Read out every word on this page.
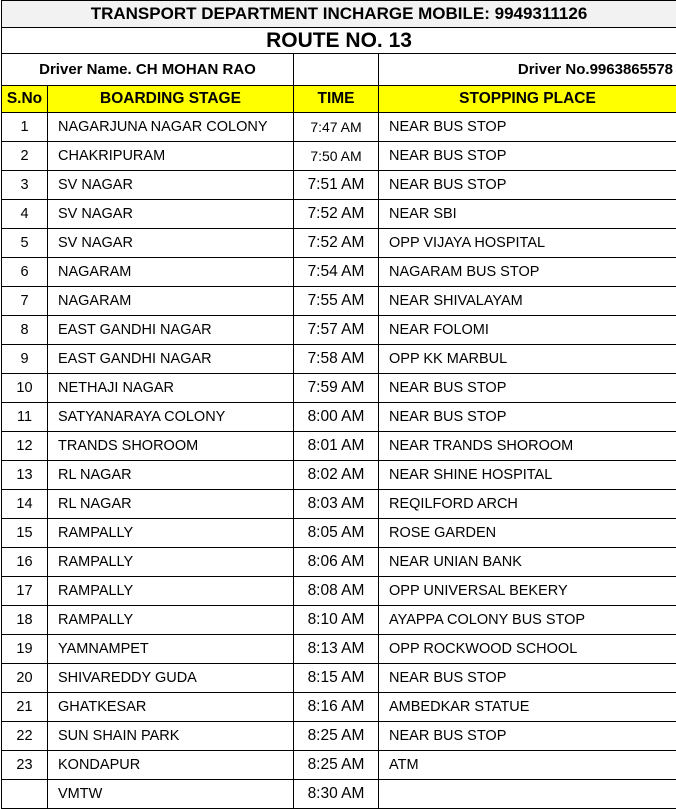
TRANSPORT DEPARTMENT INCHARGE MOBILE: 9949311126			
ROUTE NO. 13			
Driver Name. CH MOHAN RAO			Driver No.9963865578
S.No	BOARDING STAGE	TIME	STOPPING PLACE
1	NAGARJUNA NAGAR COLONY	7:47 AM	NEAR BUS STOP
2	CHAKRIPURAM	7:50 AM	NEAR BUS STOP
3	SV NAGAR	7:51 AM	NEAR BUS STOP
4	SV NAGAR	7:52 AM	NEAR SBI
5	SV NAGAR	7:52 AM	OPP VIJAYA HOSPITAL
6	NAGARAM	7:54 AM	NAGARAM BUS STOP
7	NAGARAM	7:55 AM	NEAR SHIVALAYAM
8	EAST GANDHI NAGAR	7:57 AM	NEAR FOLOMI
9	EAST GANDHI NAGAR	7:58 AM	OPP KK MARBUL
10	NETHAJI NAGAR	7:59 AM	NEAR BUS STOP
11	SATYANARAYA COLONY	8:00 AM	NEAR BUS STOP
12	TRANDS SHOROOM	8:01 AM	NEAR TRANDS SHOROOM
13	RL NAGAR	8:02 AM	NEAR SHINE HOSPITAL
14	RL NAGAR	8:03 AM	REQILFORD ARCH
15	RAMPALLY	8:05 AM	ROSE GARDEN
16	RAMPALLY	8:06 AM	NEAR UNIAN BANK
17	RAMPALLY	8:08 AM	OPP UNIVERSAL BEKERY
18	RAMPALLY	8:10 AM	AYAPPA COLONY BUS STOP
19	YAMNAMPET	8:13 AM	OPP ROCKWOOD SCHOOL
20	SHIVAREDDY GUDA	8:15 AM	NEAR BUS STOP
21	GHATKESAR	8:16 AM	AMBEDKAR STATUE
22	SUN SHAIN PARK	8:25 AM	NEAR BUS STOP
23	KONDAPUR	8:25 AM	ATM
	VMTW	8:30 AM	
